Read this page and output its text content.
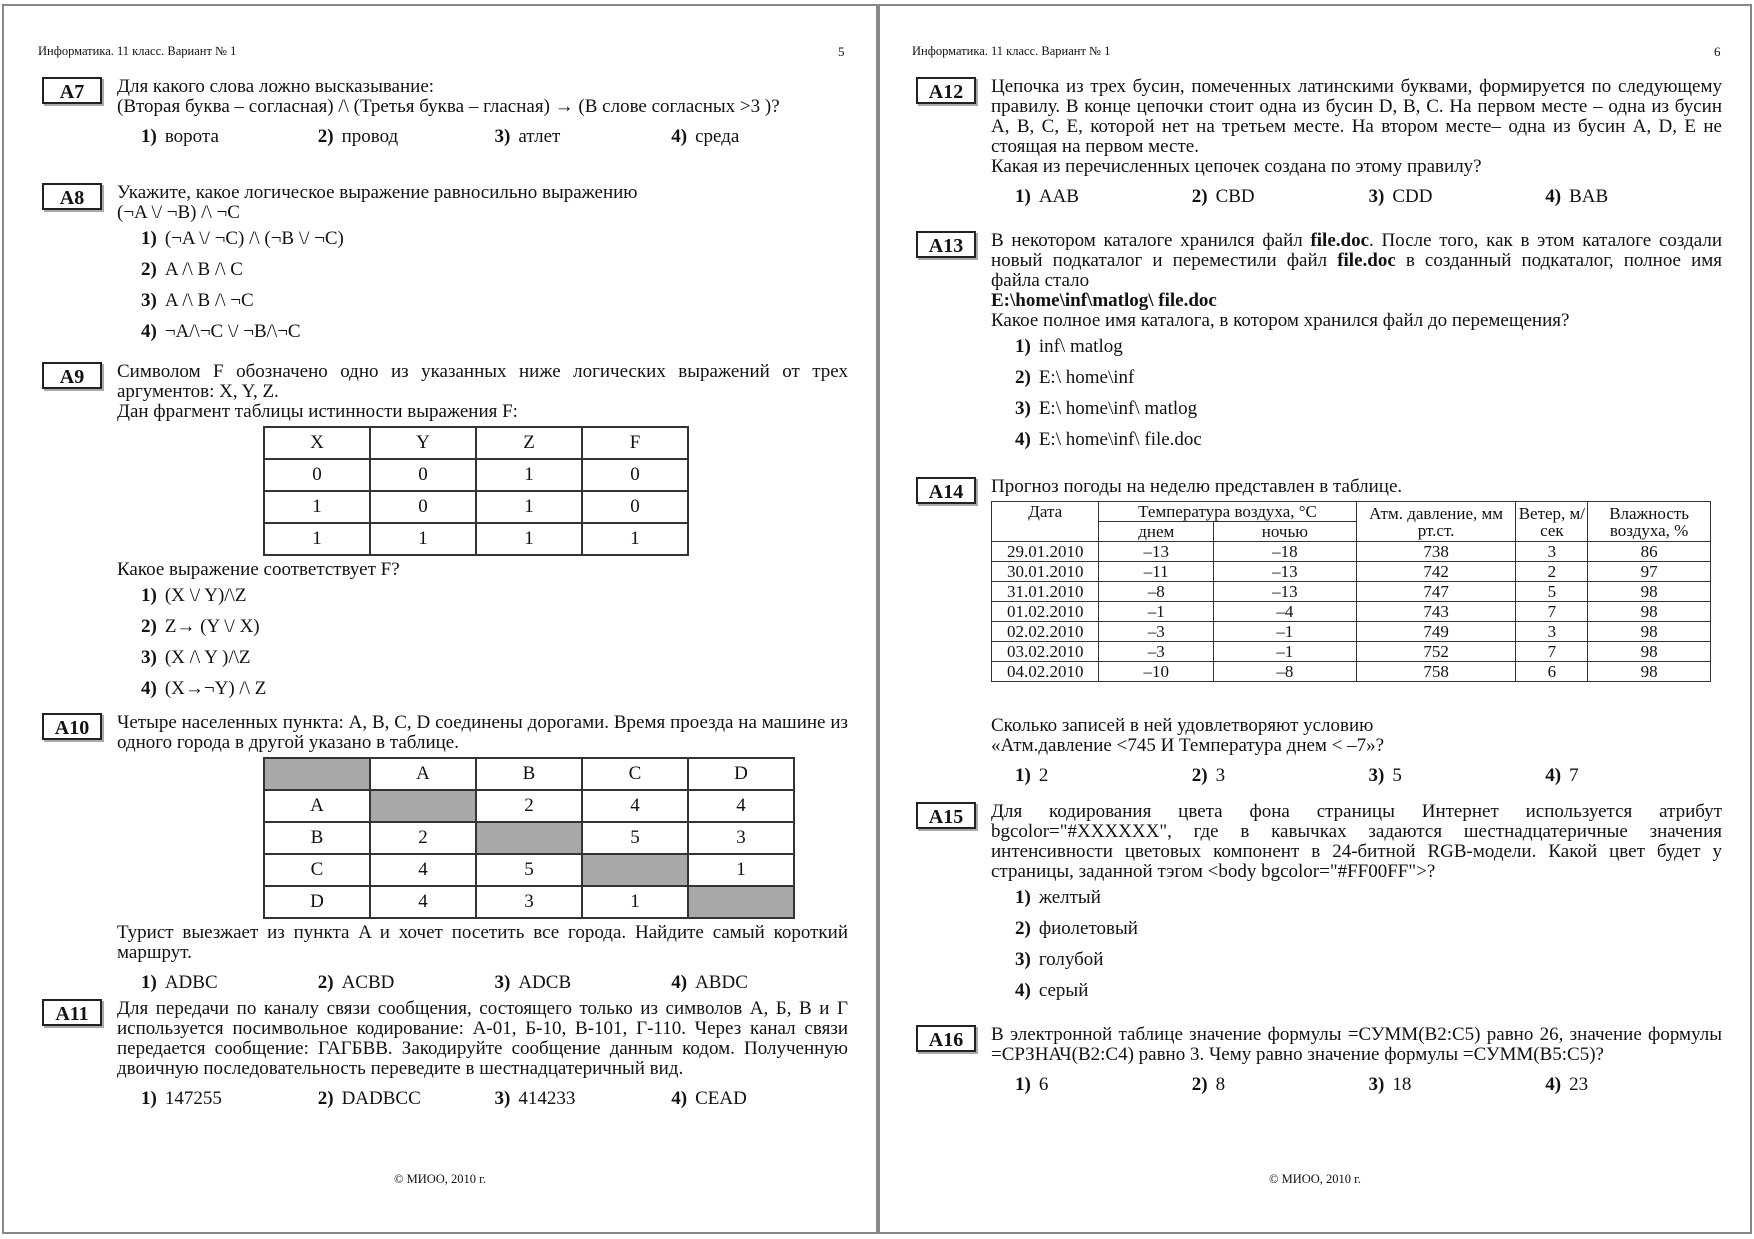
Информатика. 11 класс. Вариант № 1	5
© МИОО, 2010 г.
A7	Для какого слова ложно высказывание:

(Вторая буква – согласная) /\ (Третья буква – гласная) → (В слове согласных >3 )?

1) ворота	2) провод	3) атлет	4) среда
A8	Укажите, какое логическое выражение равносильно выражению

(¬A \/ ¬B) /\ ¬C

1) (¬A \/ ¬C) /\ (¬B \/ ¬C)
2) A /\ B /\ C
3) A /\ B /\ ¬C
4) ¬A/\¬C \/ ¬B/\¬C
A9	Символом F обозначено одно из указанных ниже логических выражений от трех аргументов: X, Y, Z.

Дан фрагмент таблицы истинности выражения F:

X	Y	Z	F
0	0	1	0
1	0	1	0
1	1	1	1

Какое выражение соответствует F?

1) (X \/ Y)/\Z
2) Z→ (Y \/ X)
3) (X /\ Y )/\Z
4) (X→¬Y) /\ Z
A10	Четыре населенных пункта: A, B, C, D соединены дорогами. Время проезда на машине из одного города в другой указано в таблице.

	A	B	C	D
A		2	4	4
B	2		5	3
C	4	5		1
D	4	3	1	

Турист выезжает из пункта A и хочет посетить все города. Найдите самый короткий маршрут.

1) ADBC	2) ACBD	3) ADCB	4) ABDC
A11	Для передачи по каналу связи сообщения, состоящего только из символов А, Б, В и Г используется посимвольное кодирование: А-01, Б-10, В-101, Г-110. Через канал связи передается сообщение: ГАГБВВ. Закодируйте сообщение данным кодом. Полученную двоичную последовательность переведите в шестнадцатеричный вид.

1) 147255	2) DADBCC	3) 414233	4) CEAD
Информатика. 11 класс. Вариант № 1	6
© МИОО, 2010 г.
A12	Цепочка из трех бусин, помеченных латинскими буквами, формируется по следующему правилу. В конце цепочки стоит одна из бусин D, B, C. На первом месте – одна из бусин A, B, C, E, которой нет на третьем месте. На втором месте– одна из бусин A, D, E не стоящая на первом месте.

Какая из перечисленных цепочек создана по этому правилу?

1) AAB	2) CBD	3) CDD	4) BAB
A13	В некотором каталоге хранился файл file.doc. После того, как в этом каталоге создали новый подкаталог и переместили файл file.doc в созданный подкаталог, полное имя файла стало

E:\home\inf\matlog\ file.doc

Какое полное имя каталога, в котором хранился файл до перемещения?

1) inf\ matlog
2) E:\ home\inf
3) E:\ home\inf\ matlog
4) E:\ home\inf\ file.doc
A14	Прогноз погоды на неделю представлен в таблице.

Дата	Температура воздуха, °C		Атм. давление, мм рт.ст.	Ветер, м/сек	Влажность воздуха, %
	днем	ночью			
29.01.2010	–13	–18	738	3	86
30.01.2010	–11	–13	742	2	97
31.01.2010	–8	–13	747	5	98
01.02.2010	–1	–4	743	7	98
02.02.2010	–3	–1	749	3	98
03.02.2010	–3	–1	752	7	98
04.02.2010	–10	–8	758	6	98

Сколько записей в ней удовлетворяют условию

«Атм.давление <745 И Температура днем < –7»?

1) 2	2) 3	3) 5	4) 7
A15	Для кодирования цвета фона страницы Интернет используется атрибут bgcolor="#XXXXXX", где в кавычках задаются шестнадцатеричные значения интенсивности цветовых компонент в 24-битной RGB-модели. Какой цвет будет у страницы, заданной тэгом <body bgcolor="#FF00FF">?

1) желтый
2) фиолетовый
3) голубой
4) серый
A16	В электронной таблице значение формулы =СУММ(B2:C5) равно 26, значение формулы =СРЗНАЧ(B2:C4) равно 3. Чему равно значение формулы =СУММ(B5:C5)?

1) 6	2) 8	3) 18	4) 23
